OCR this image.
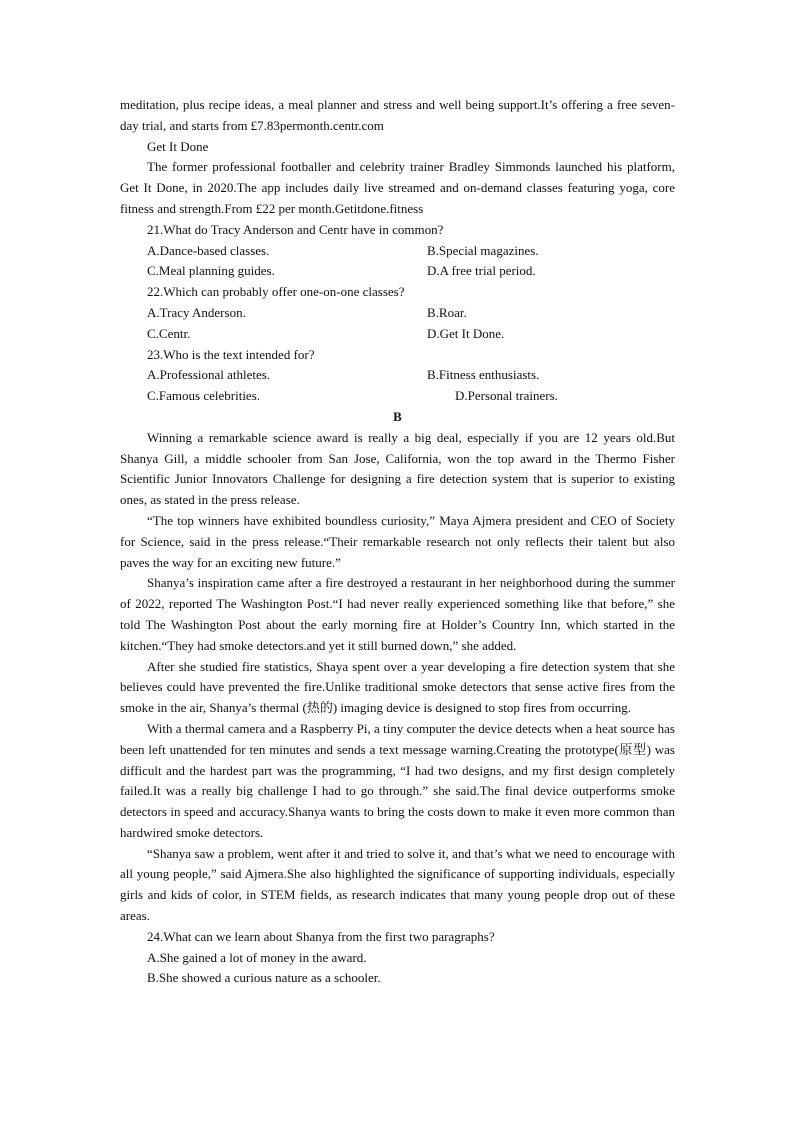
meditation, plus recipe ideas, a meal planner and stress and well being support.It’s offering a free seven-day trial, and starts from £7.83permonth.centr.com

Get It Done

The former professional footballer and celebrity trainer Bradley Simmonds launched his platform, Get It Done, in 2020.The app includes daily live streamed and on-demand classes featuring yoga, core fitness and strength.From £22 per month.Getitdone.fitness

21.What do Tracy Anderson and Centr have in common?

A.Dance-based classes.	B.Special magazines.
C.Meal planning guides.	D.A free trial period.

22.Which can probably offer one-on-one classes?

A.Tracy Anderson.	B.Roar.
C.Centr.	D.Get It Done.

23.Who is the text intended for?

A.Professional athletes.	B.Fitness enthusiasts.
C.Famous celebrities.	D.Personal trainers.

B

Winning a remarkable science award is really a big deal, especially if you are 12 years old.But Shanya Gill, a middle schooler from San Jose, California, won the top award in the Thermo Fisher Scientific Junior Innovators Challenge for designing a fire detection system that is superior to existing ones, as stated in the press release.

“The top winners have exhibited boundless curiosity,” Maya Ajmera president and CEO of Society for Science, said in the press release.“Their remarkable research not only reflects their talent but also paves the way for an exciting new future.”

Shanya’s inspiration came after a fire destroyed a restaurant in her neighborhood during the summer of 2022, reported The Washington Post.“I had never really experienced something like that before,” she told The Washington Post about the early morning fire at Holder’s Country Inn, which started in the kitchen.“They had smoke detectors.and yet it still burned down,” she added.

After she studied fire statistics, Shaya spent over a year developing a fire detection system that she believes could have prevented the fire.Unlike traditional smoke detectors that sense active fires from the smoke in the air, Shanya’s thermal (热的) imaging device is designed to stop fires from occurring.

With a thermal camera and a Raspberry Pi, a tiny computer the device detects when a heat source has been left unattended for ten minutes and sends a text message warning.Creating the prototype(原型) was difficult and the hardest part was the programming, “I had two designs, and my first design completely failed.It was a really big challenge I had to go through.” she said.The final device outperforms smoke detectors in speed and accuracy.Shanya wants to bring the costs down to make it even more common than hardwired smoke detectors.

“Shanya saw a problem, went after it and tried to solve it, and that’s what we need to encourage with all young people,” said Ajmera.She also highlighted the significance of supporting individuals, especially girls and kids of color, in STEM fields, as research indicates that many young people drop out of these areas.

24.What can we learn about Shanya from the first two paragraphs?

A.She gained a lot of money in the award.

B.She showed a curious nature as a schooler.
